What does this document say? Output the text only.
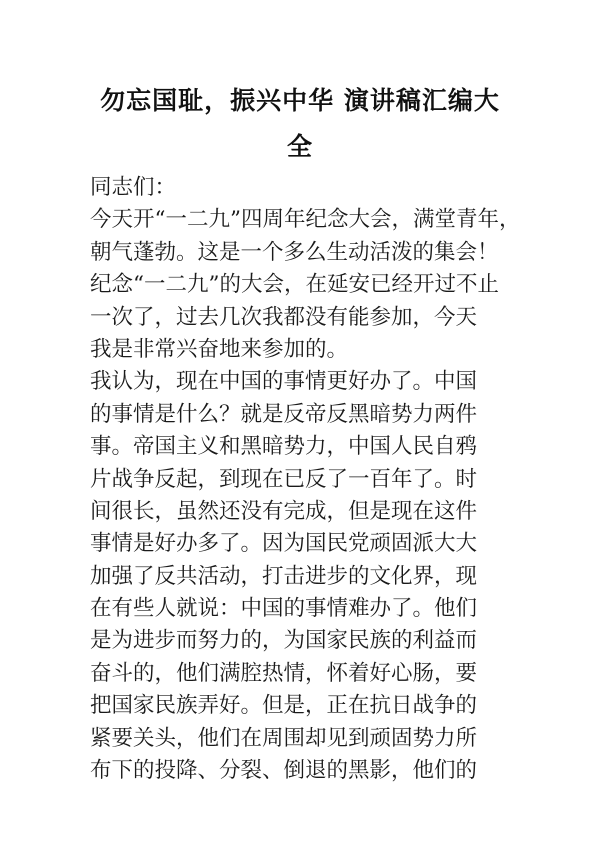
勿忘国耻，振兴中华 演讲稿汇编大
全
同志们：
今天开“一二九”四周年纪念大会，满堂青年，
朝气蓬勃。这是一个多么生动活泼的集会！
纪念“一二九”的大会，在延安已经开过不止
一次了，过去几次我都没有能参加，今天
我是非常兴奋地来参加的。
我认为，现在中国的事情更好办了。中国
的事情是什么？就是反帝反黑暗势力两件
事。帝国主义和黑暗势力，中国人民自鸦
片战争反起，到现在已反了一百年了。时
间很长，虽然还没有完成，但是现在这件
事情是好办多了。因为国民党顽固派大大
加强了反共活动，打击进步的文化界，现
在有些人就说：中国的事情难办了。他们
是为进步而努力的，为国家民族的利益而
奋斗的，他们满腔热情，怀着好心肠，要
把国家民族弄好。但是，正在抗日战争的
紧要关头，他们在周围却见到顽固势力所
布下的投降、分裂、倒退的黑影，他们的
